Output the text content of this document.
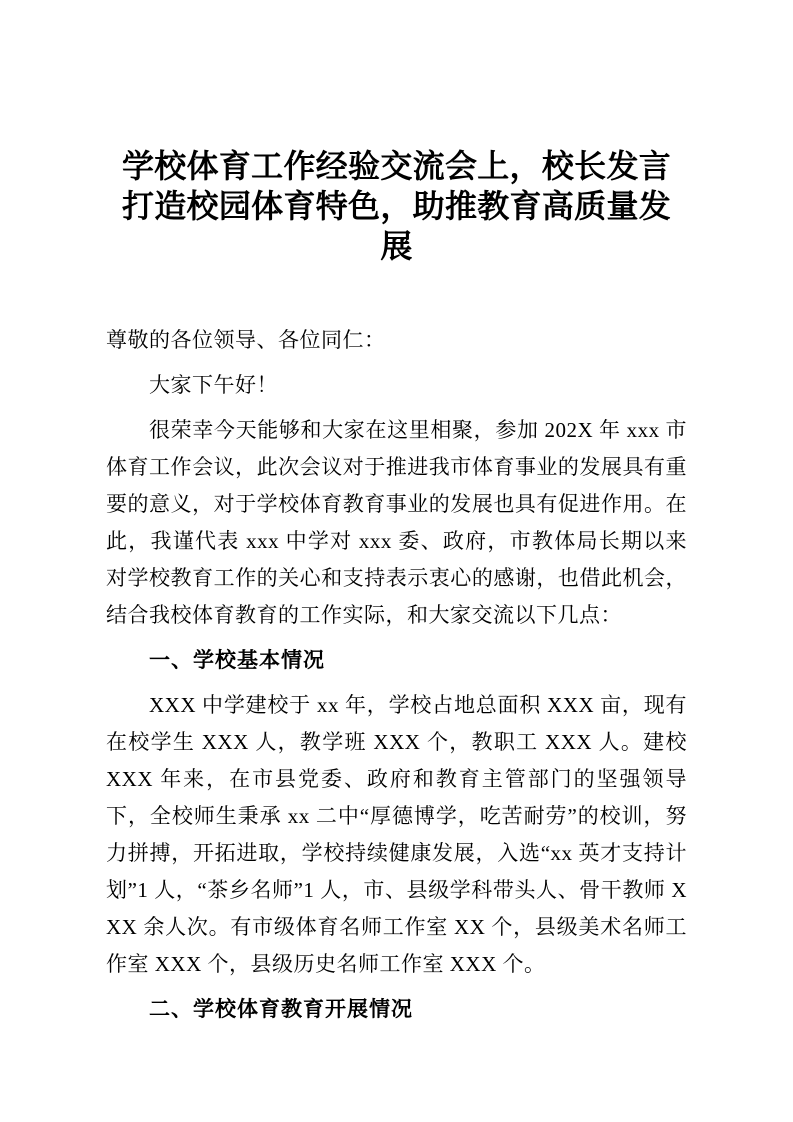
学校体育工作经验交流会上，校长发言打造校园体育特色，助推教育高质量发展

尊敬的各位领导、各位同仁：

大家下午好！

很荣幸今天能够和大家在这里相聚，参加 202X 年 xxx 市体育工作会议，此次会议对于推进我市体育事业的发展具有重要的意义，对于学校体育教育事业的发展也具有促进作用。在此，我谨代表 xxx 中学对 xxx 委、政府，市教体局长期以来对学校教育工作的关心和支持表示衷心的感谢，也借此机会，结合我校体育教育的工作实际，和大家交流以下几点：

一、学校基本情况

XXX 中学建校于 xx 年，学校占地总面积 XXX 亩，现有在校学生 XXX 人，教学班 XXX 个，教职工 XXX 人。建校 XXX 年来，在市县党委、政府和教育主管部门的坚强领导下，全校师生秉承 xx 二中“厚德博学，吃苦耐劳”的校训，努力拼搏，开拓进取，学校持续健康发展，入选“xx 英才支持计划”1 人，“茶乡名师”1 人，市、县级学科带头人、骨干教师 XXX 余人次。有市级体育名师工作室 XX 个，县级美术名师工作室 XXX 个，县级历史名师工作室 XXX 个。

二、学校体育教育开展情况
